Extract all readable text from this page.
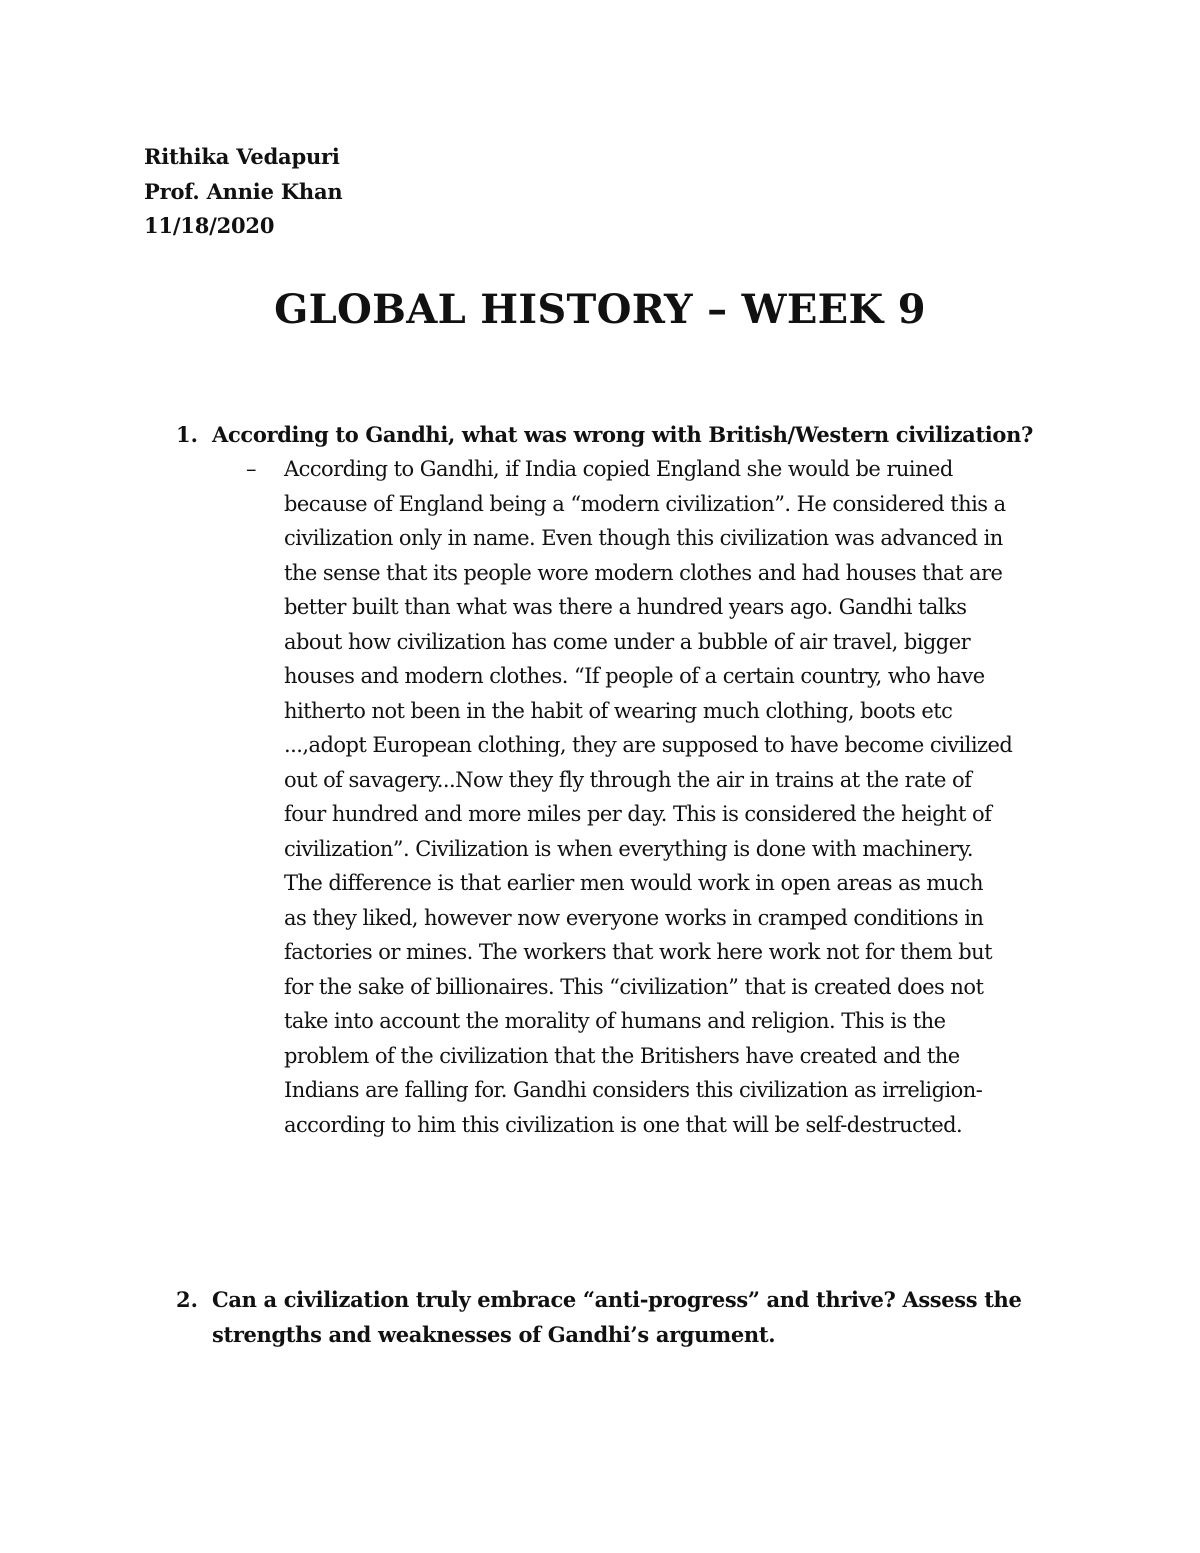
Rithika Vedapuri
Prof. Annie Khan
11/18/2020
GLOBAL HISTORY – WEEK 9
1. According to Gandhi, what was wrong with British/Western civilization?
– According to Gandhi, if India copied England she would be ruined
because of England being a “modern civilization”. He considered this a
civilization only in name. Even though this civilization was advanced in
the sense that its people wore modern clothes and had houses that are
better built than what was there a hundred years ago. Gandhi talks
about how civilization has come under a bubble of air travel, bigger
houses and modern clothes. “If people of a certain country, who have
hitherto not been in the habit of wearing much clothing, boots etc
...,adopt European clothing, they are supposed to have become civilized
out of savagery...Now they fly through the air in trains at the rate of
four hundred and more miles per day. This is considered the height of
civilization”. Civilization is when everything is done with machinery.
The difference is that earlier men would work in open areas as much
as they liked, however now everyone works in cramped conditions in
factories or mines. The workers that work here work not for them but
for the sake of billionaires. This “civilization” that is created does not
take into account the morality of humans and religion. This is the
problem of the civilization that the Britishers have created and the
Indians are falling for. Gandhi considers this civilization as irreligion-
according to him this civilization is one that will be self-destructed.
2. Can a civilization truly embrace “anti-progress” and thrive? Assess the
strengths and weaknesses of Gandhi’s argument.
